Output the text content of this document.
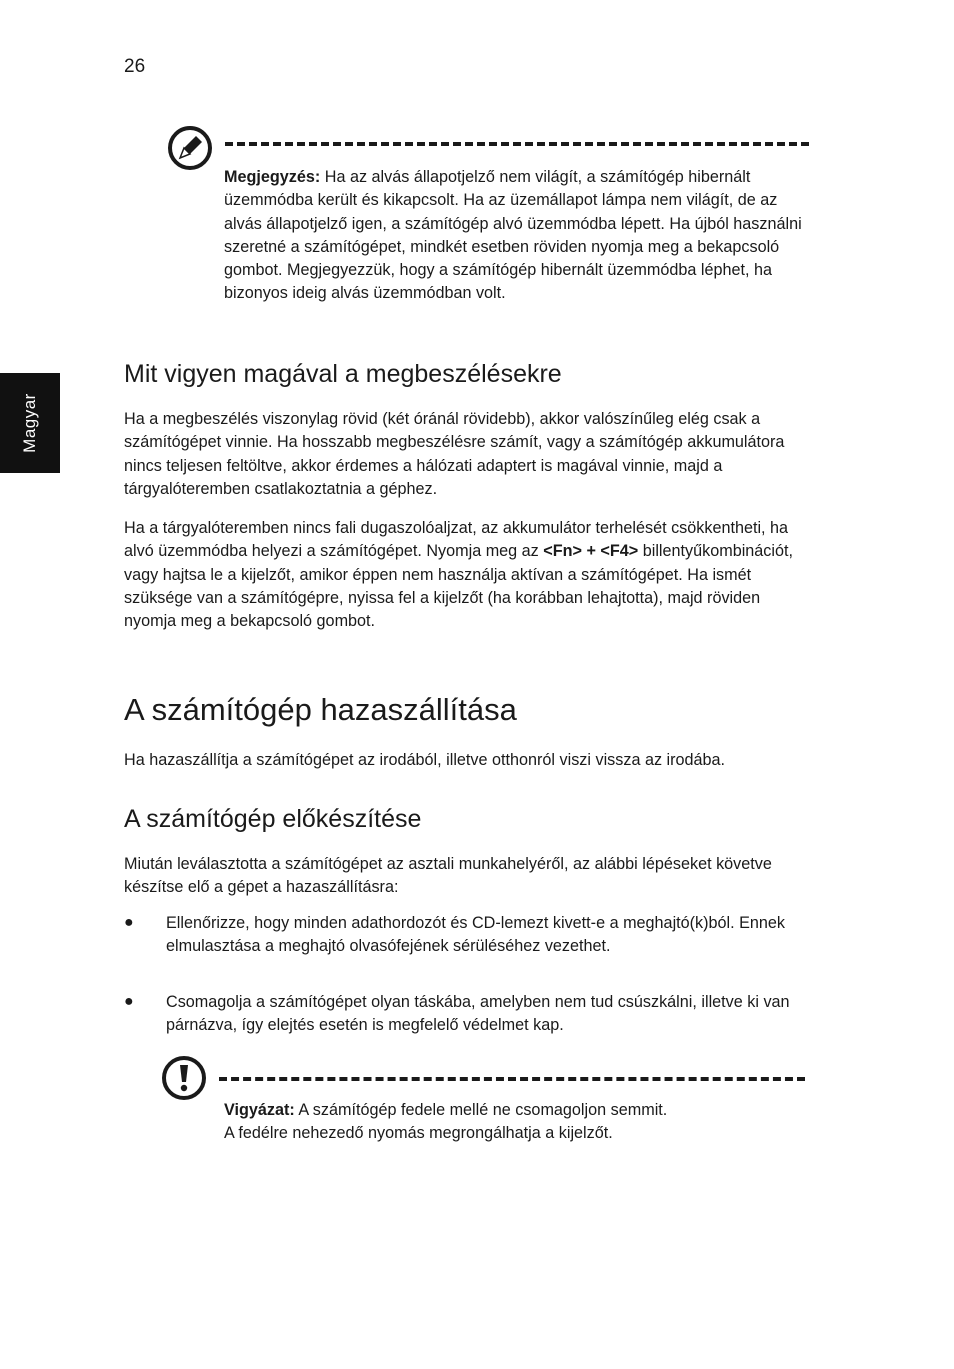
26
Magyar

Megjegyzés: Ha az alvás állapotjelző nem világít, a számítógép hibernált üzemmódba került és kikapcsolt. Ha az üzemállapot lámpa nem világít, de az alvás állapotjelző igen, a számítógép alvó üzemmódba lépett. Ha újból használni szeretné a számítógépet, mindkét esetben röviden nyomja meg a bekapcsoló gombot. Megjegyezzük, hogy a számítógép hibernált üzemmódba léphet, ha bizonyos ideig alvás üzemmódban volt.

Mit vigyen magával a megbeszélésekre

Ha a megbeszélés viszonylag rövid (két óránál rövidebb), akkor valószínűleg elég csak a számítógépet vinnie. Ha hosszabb megbeszélésre számít, vagy a számítógép akkumulátora nincs teljesen feltöltve, akkor érdemes a hálózati adaptert is magával vinnie, majd a tárgyalóteremben csatlakoztatnia a géphez.

Ha a tárgyalóteremben nincs fali dugaszolóaljzat, az akkumulátor terhelését csökkentheti, ha alvó üzemmódba helyezi a számítógépet. Nyomja meg az <Fn> + <F4> billentyűkombinációt, vagy hajtsa le a kijelzőt, amikor éppen nem használja aktívan a számítógépet. Ha ismét szüksége van a számítógépre, nyissa fel a kijelzőt (ha korábban lehajtotta), majd röviden nyomja meg a bekapcsoló gombot.

A számítógép hazaszállítása

Ha hazaszállítja a számítógépet az irodából, illetve otthonról viszi vissza az irodába.

A számítógép előkészítése

Miután leválasztotta a számítógépet az asztali munkahelyéről, az alábbi lépéseket követve készítse elő a gépet a hazaszállításra:

● Ellenőrizze, hogy minden adathordozót és CD-lemezt kivett-e a meghajtó(k)ból. Ennek elmulasztása a meghajtó olvasófejének sérüléséhez vezethet.

● Csomagolja a számítógépet olyan táskába, amelyben nem tud csúszkálni, illetve ki van párnázva, így elejtés esetén is megfelelő védelmet kap.

Vigyázat: A számítógép fedele mellé ne csomagoljon semmit.

A fedélre nehezedő nyomás megrongálhatja a kijelzőt.
